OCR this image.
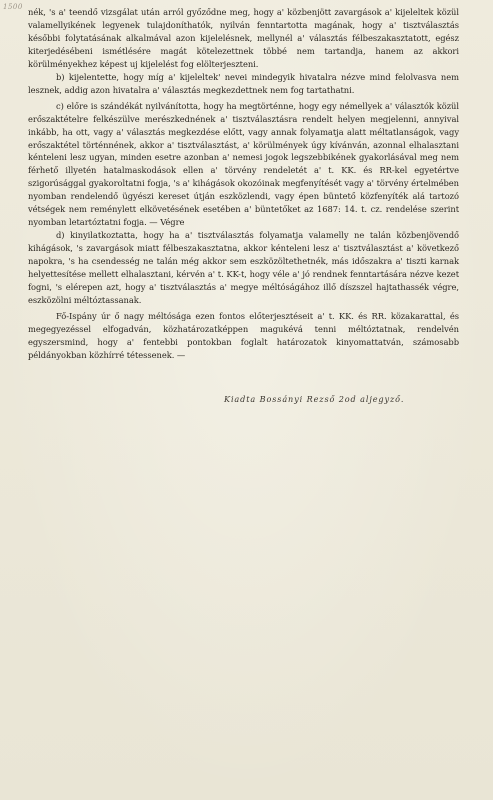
1500 nék, 's a' teendő vizsgálat után arról győződne meg, hogy a' közbenjött zavargások a' kijeleltek közül valamellyikének legyenek tulajdoníthatók, nyilván fenntartotta magának, hogy a' tisztválasztás későbbi folytatásának alkalmával azon kijelelésnek, mellynél a' választás félbeszakasztatott, egész kiterjedésébeni ismétlésére magát kötelezettnek többé nem tartandja, hanem az akkori körülményekhez képest uj kijelelést fog elölterjeszteni.

b) kijelentette, hogy míg a' kijeleltek' nevei mindegyik hivatalra nézve mind felolvasva nem lesznek, addig azon hivatalra a' választás megkezdettnek nem fog tartathatni.

c) előre is szándékát nyilvánította, hogy ha megtörténne, hogy egy némellyek a' választók közül erőszaktételre felkészülve merészkednének a' tisztválasztásra rendelt helyen megjelenni, annyival inkább, ha ott, vagy a' választás megkezdése előtt, vagy annak folyamatja alatt méltatlanságok, vagy erőszaktétel történnének, akkor a' tisztválasztást, a' körülmények úgy kívánván, azonnal elhalasztani kénteleni lesz ugyan, minden esetre azonban a' nemesi jogok legszebbikének gyakorlásával meg nem férhető illyetén hatalmaskodások ellen a' törvény rendeletét a' t. KK. és RR-kel egyetértve szigorúsággal gyakoroltatni fogja, 's a' kihágások okozóinak megfenyítését vagy a' törvény értelmében nyomban rendelendő ügyészi kereset útján eszközlendi, vagy épen büntető közfenyíték alá tartozó vétségek nem reménylett elkövetésének esetében a' büntetőket az 1687: 14. t. cz. rendelése szerint nyomban letartóztatni fogja. — Végre

d) kinyilatkoztatta, hogy ha a' tisztválasztás folyamatja valamelly ne talán közbenjövendő kihágások, 's zavargások miatt félbeszakasztatna, akkor kénteleni lesz a' tisztválasztást a' következő napokra, 's ha csendesség ne talán még akkor sem eszközöltethetnék, más időszakra a' tiszti karnak helyettesítése mellett elhalasztani, kérvén a' t. KK-t, hogy véle a' jó rendnek fenntartására nézve kezet fogni, 's elérepen azt, hogy a' tisztválasztás a' megye méltóságához illő díszszel hajtathassék végre, eszközölni méltóztassanak.

Fő-Ispány úr ő nagy méltósága ezen fontos előterjesztéseit a' t. KK. és RR. közakarattal, és megegyezéssel elfogadván, közhatározatképpen magukévá tenni méltóztatnak, rendelvén egyszersmind, hogy a' fentebbi pontokban foglalt határozatok kinyomattatván, számosabb példányokban közhírré tétessenek. —

Kiadta Bossányi Rezső 2od aljegyző.
